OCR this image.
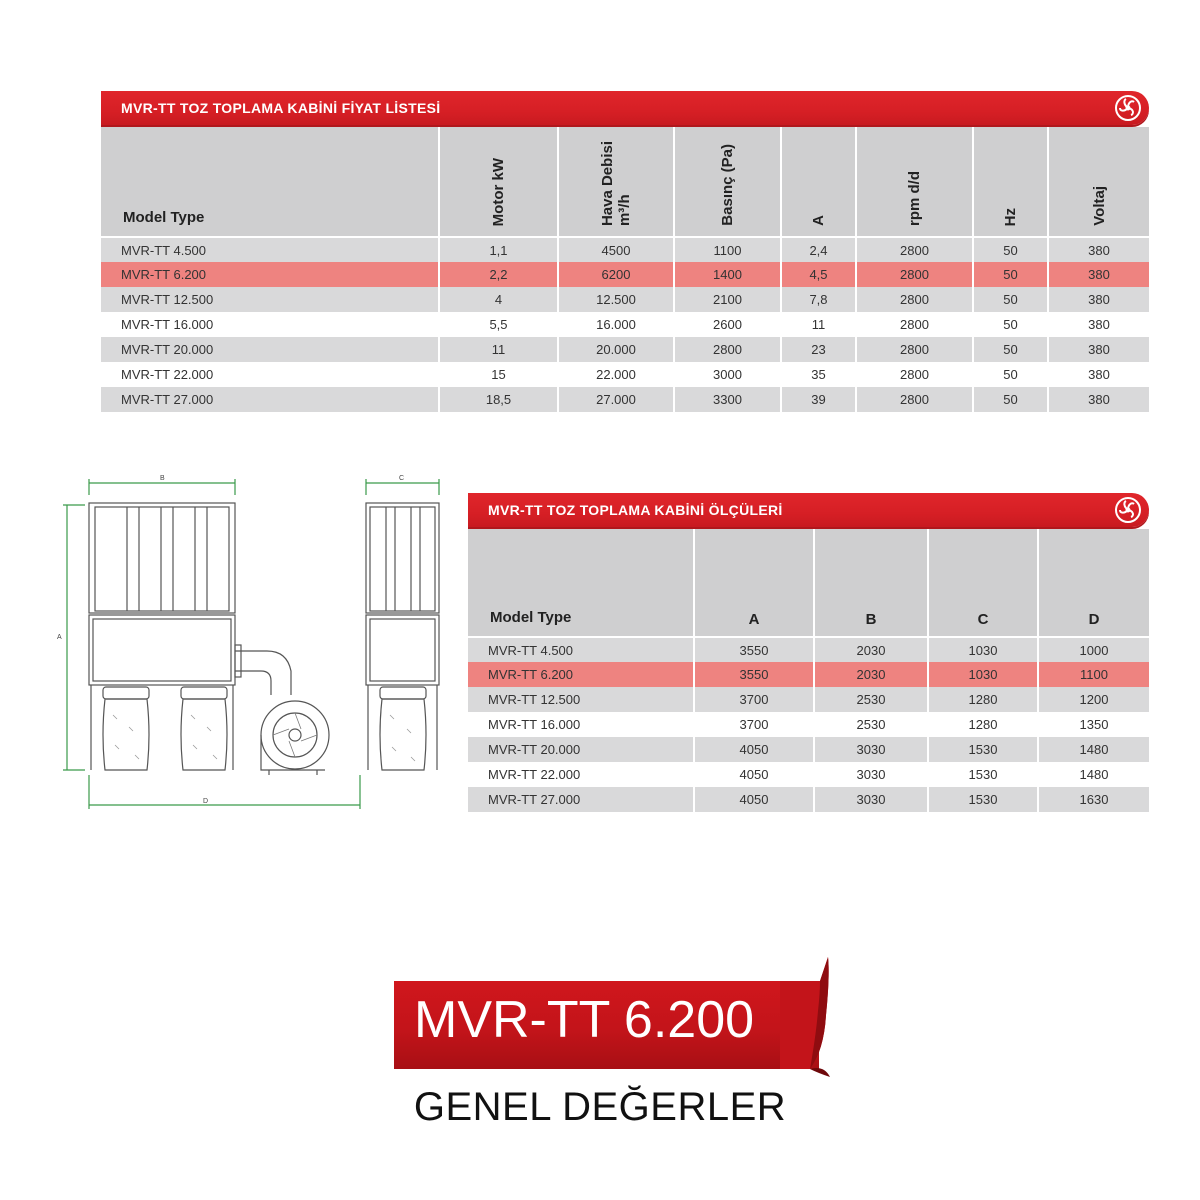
MVR-TT TOZ TOPLAMA KABİNİ FİYAT LİSTESİ
Model Type	Motor kW	Hava Debisi
m³/h	Basınç (Pa)	A	rpm d/d	Hz	Voltaj

MVR-TT 4.500	1,1	4500	1100	2,4	2800	50	380
MVR-TT 6.200	2,2	6200	1400	4,5	2800	50	380
MVR-TT 12.500	4	12.500	2100	7,8	2800	50	380
MVR-TT 16.000	5,5	16.000	2600	11	2800	50	380
MVR-TT 20.000	11	20.000	2800	23	2800	50	380
MVR-TT 22.000	15	22.000	3000	35	2800	50	380
MVR-TT 27.000	18,5	27.000	3300	39	2800	50	380
B
A
D
C
MVR-TT TOZ TOPLAMA KABİNİ ÖLÇÜLERİ
Model Type	A	B	C	D
MVR-TT 4.500	3550	2030	1030	1000
MVR-TT 6.200	3550	2030	1030	1100
MVR-TT 12.500	3700	2530	1280	1200
MVR-TT 16.000	3700	2530	1280	1350
MVR-TT 20.000	4050	3030	1530	1480
MVR-TT 22.000	4050	3030	1530	1480
MVR-TT 27.000	4050	3030	1530	1630
MVR-TT 6.200
GENEL DEĞERLER
